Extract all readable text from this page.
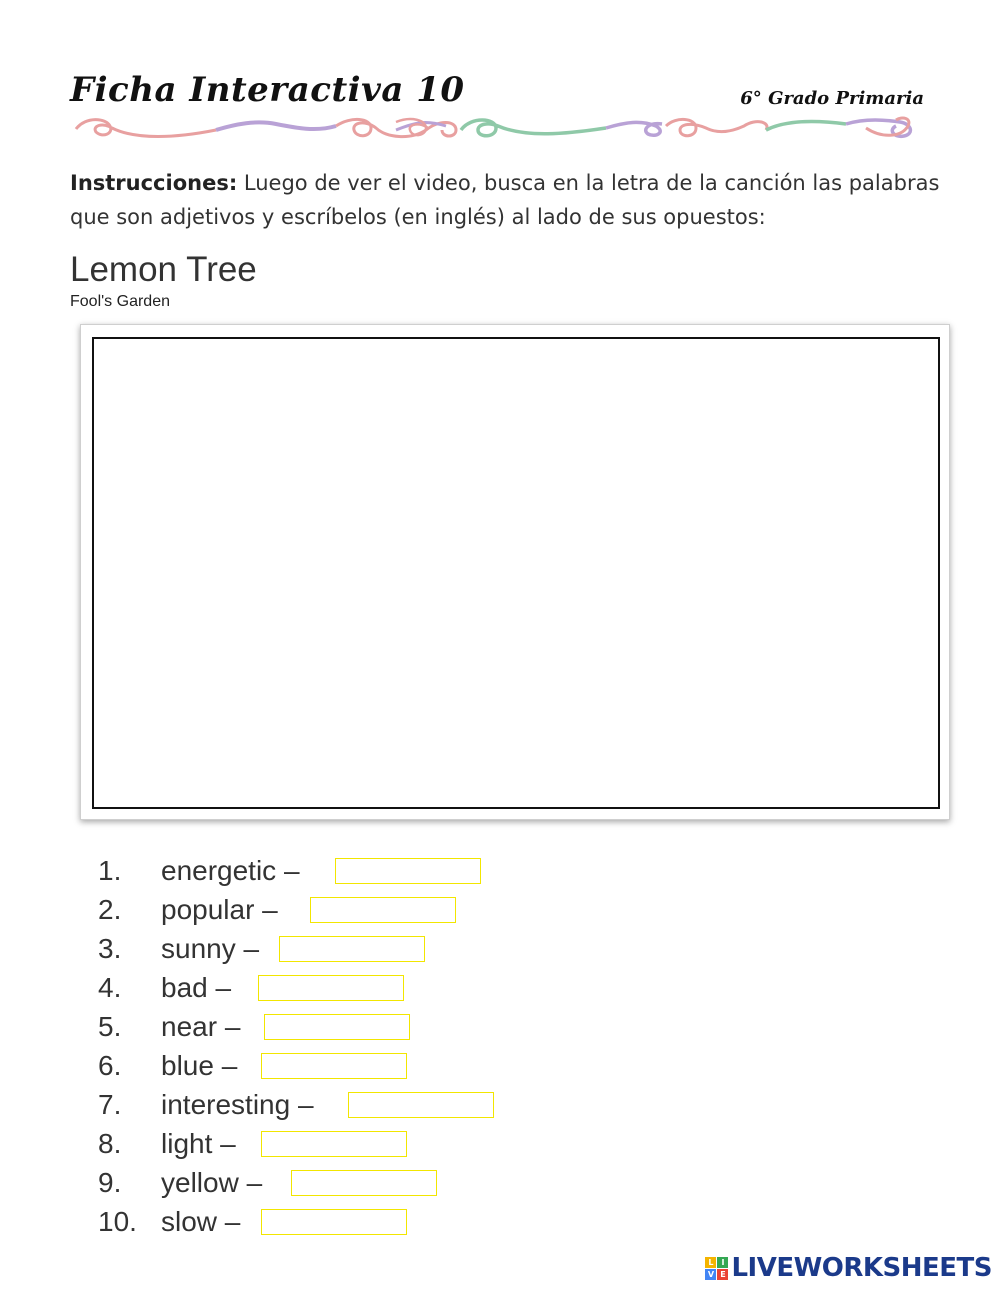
Ficha Interactiva 10	6° Grado Primaria
Instrucciones: Luego de ver el video, busca en la letra de la canción las palabras que son adjetivos y escríbelos (en inglés) al lado de sus opuestos:
Lemon Tree
Fool's Garden
1. energetic –
2. popular –
3. sunny –
4. bad –
5. near –
6. blue –
7. interesting –
8. light –
9. yellow –
10. slow –
L I
V E LIVEWORKSHEETS
